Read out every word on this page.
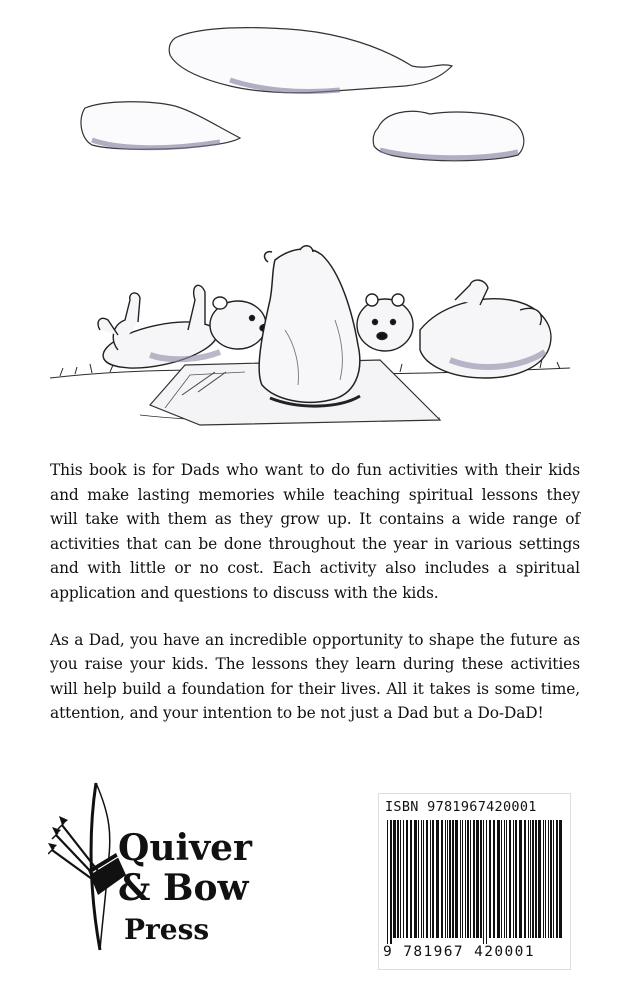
This book is for Dads who want to do fun activities with their kids and make lasting memories while teaching spiritual lessons they will take with them as they grow up. It contains a wide range of activities that can be done throughout the year in various settings and with little or no cost. Each activity also includes a spiritual application and questions to discuss with the kids.

As a Dad, you have an incredible opportunity to shape the future as you raise your kids. The lessons they learn during these activities will help build a foundation for their lives. All it takes is some time, attention, and your intention to be not just a Dad but a Do-DaD!

Quiver
& Bow
Press
ISBN 9781967420001
9 781967 420001
